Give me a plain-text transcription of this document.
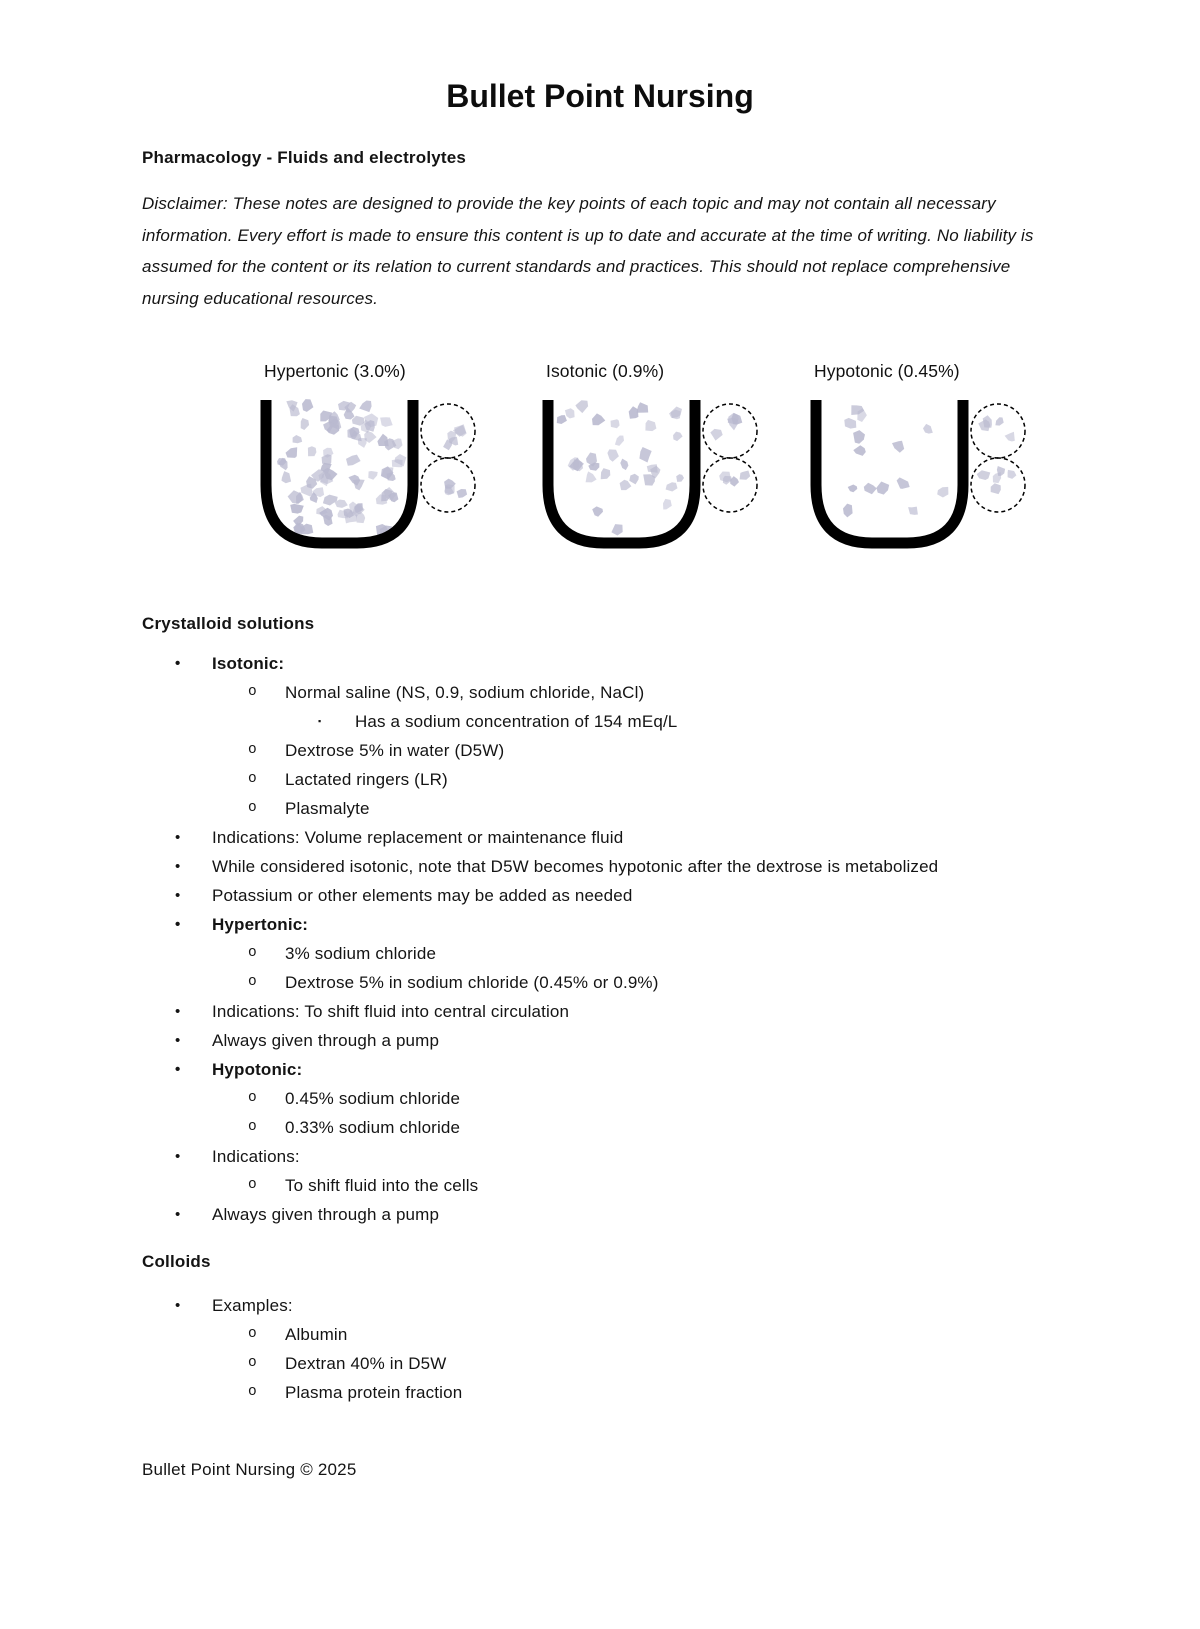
Bullet Point Nursing
Pharmacology - Fluids and electrolytes

Disclaimer: These notes are designed to provide the key points of each topic and may not contain all necessary information. Every effort is made to ensure this content is up to date and accurate at the time of writing. No liability is assumed for the content or its relation to current standards and practices. This should not replace comprehensive nursing educational resources.

Hypertonic (3.0%)	Isotonic (0.9%)	Hypotonic (0.45%)
Crystalloid solutions
• Isotonic:
o Normal saline (NS, 0.9, sodium chloride, NaCl)
▪ Has a sodium concentration of 154 mEq/L
o Dextrose 5% in water (D5W)
o Lactated ringers (LR)
o Plasmalyte
• Indications: Volume replacement or maintenance fluid
• While considered isotonic, note that D5W becomes hypotonic after the dextrose is metabolized
• Potassium or other elements may be added as needed
• Hypertonic:
o 3% sodium chloride
o Dextrose 5% in sodium chloride (0.45% or 0.9%)
• Indications: To shift fluid into central circulation
• Always given through a pump
• Hypotonic:
o 0.45% sodium chloride
o 0.33% sodium chloride
• Indications:
o To shift fluid into the cells
• Always given through a pump
Colloids
• Examples:
o Albumin
o Dextran 40% in D5W
o Plasma protein fraction
Bullet Point Nursing © 2025
